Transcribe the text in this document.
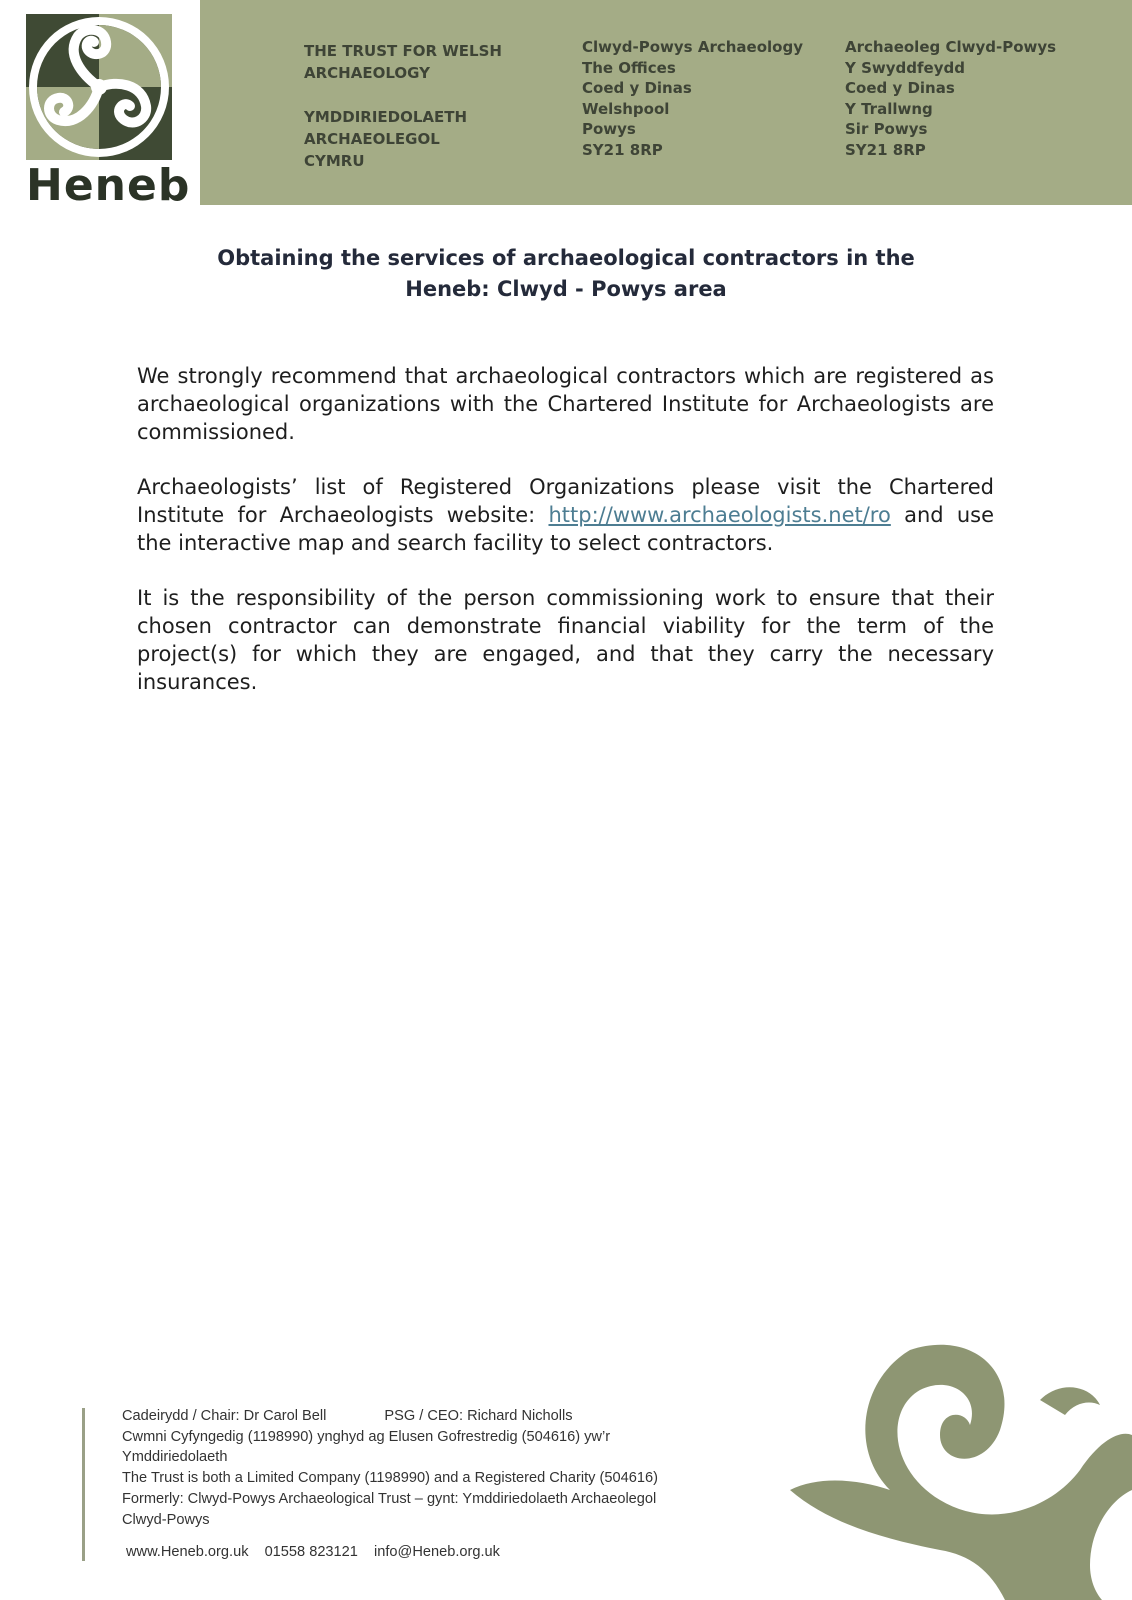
Heneb
THE TRUST FOR WELSH
ARCHAEOLOGY
YMDDIRIEDOLAETH
ARCHAEOLEGOL
CYMRU
Clwyd-Powys Archaeology
The Offices
Coed y Dinas
Welshpool
Powys
SY21 8RP
Archaeoleg Clwyd-Powys
Y Swyddfeydd
Coed y Dinas
Y Trallwng
Sir Powys
SY21 8RP
Obtaining the services of archaeological contractors in the
Heneb: Clwyd - Powys area

We strongly recommend that archaeological contractors which are registered as archaeological organizations with the Chartered Institute for Archaeologists are commissioned.

Archaeologists’ list of Registered Organizations please visit the Chartered Institute for Archaeologists website: http://www.archaeologists.net/ro and use the interactive map and search facility to select contractors.

It is the responsibility of the person commissioning work to ensure that their chosen contractor can demonstrate financial viability for the term of the project(s) for which they are engaged, and that they carry the necessary insurances.

Cadeirydd / Chair: Dr Carol Bell	PSG / CEO: Richard Nicholls
Cwmni Cyfyngedig (1198990) ynghyd ag Elusen Gofrestredig (504616) yw’r
Ymddiriedolaeth
The Trust is both a Limited Company (1198990) and a Registered Charity (504616)
Formerly: Clwyd-Powys Archaeological Trust – gynt: Ymddiriedolaeth Archaeolegol
Clwyd-Powys
www.Heneb.org.uk 01558 823121 info@Heneb.org.uk
